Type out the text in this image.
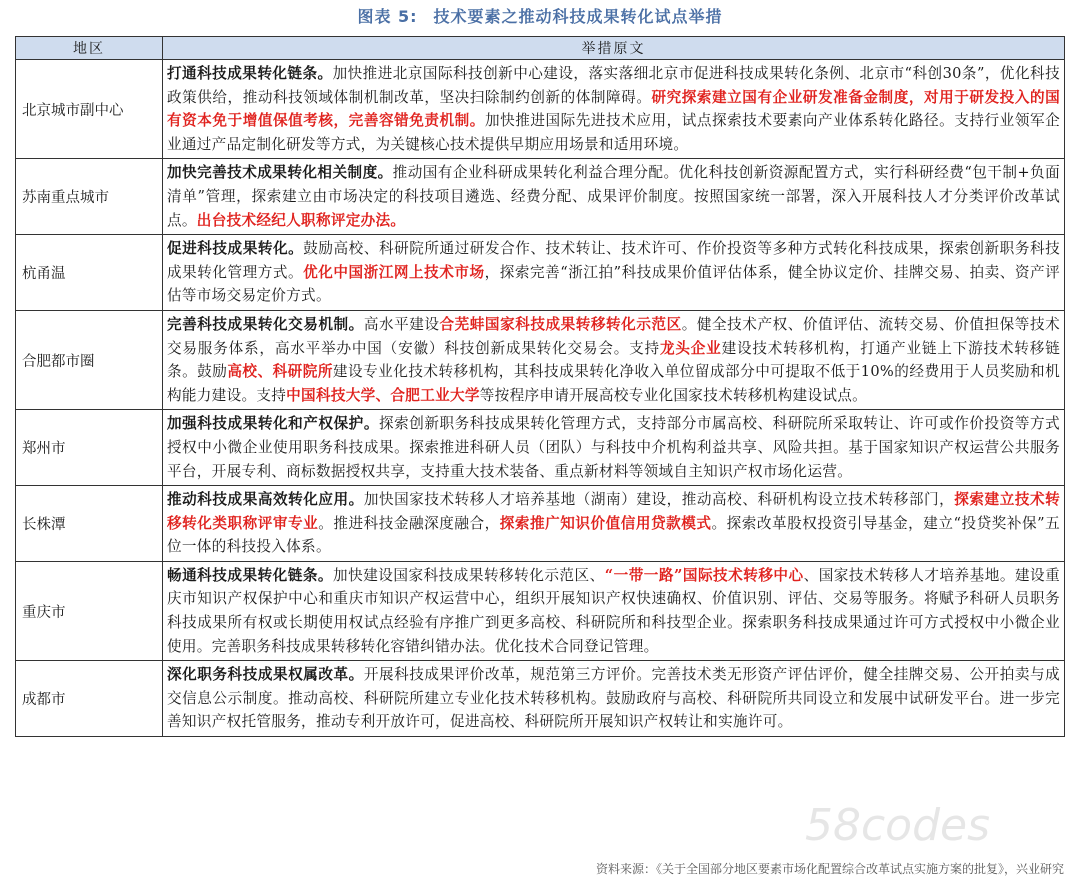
图表 5: 技术要素之推动科技成果转化试点举措
地区	举措原文
北京城市副中心	打通科技成果转化链条。加快推进北京国际科技创新中心建设，落实落细北京市促进科技成果转化条例、北京市“科创30条”，优化科技政策供给，推动科技领域体制机制改革，坚决扫除制约创新的体制障碍。研究探索建立国有企业研发准备金制度，对用于研发投入的国有资本免于增值保值考核，完善容错免责机制。加快推进国际先进技术应用，试点探索技术要素向产业体系转化路径。支持行业领军企业通过产品定制化研发等方式，为关键核心技术提供早期应用场景和适用环境。
苏南重点城市	加快完善技术成果转化相关制度。推动国有企业科研成果转化利益合理分配。优化科技创新资源配置方式，实行科研经费“包干制+负面清单”管理，探索建立由市场决定的科技项目遴选、经费分配、成果评价制度。按照国家统一部署，深入开展科技人才分类评价改革试点。出台技术经纪人职称评定办法。
杭甬温	促进科技成果转化。鼓励高校、科研院所通过研发合作、技术转让、技术许可、作价投资等多种方式转化科技成果，探索创新职务科技成果转化管理方式。优化中国浙江网上技术市场，探索完善“浙江拍”科技成果价值评估体系，健全协议定价、挂牌交易、拍卖、资产评估等市场交易定价方式。
合肥都市圈	完善科技成果转化交易机制。高水平建设合芜蚌国家科技成果转移转化示范区。健全技术产权、价值评估、流转交易、价值担保等技术交易服务体系，高水平举办中国（安徽）科技创新成果转化交易会。支持龙头企业建设技术转移机构，打通产业链上下游技术转移链条。鼓励高校、科研院所建设专业化技术转移机构，其科技成果转化净收入单位留成部分中可提取不低于10%的经费用于人员奖励和机构能力建设。支持中国科技大学、合肥工业大学等按程序申请开展高校专业化国家技术转移机构建设试点。
郑州市	加强科技成果转化和产权保护。探索创新职务科技成果转化管理方式，支持部分市属高校、科研院所采取转让、许可或作价投资等方式授权中小微企业使用职务科技成果。探索推进科研人员（团队）与科技中介机构利益共享、风险共担。基于国家知识产权运营公共服务平台，开展专利、商标数据授权共享，支持重大技术装备、重点新材料等领域自主知识产权市场化运营。
长株潭	推动科技成果高效转化应用。加快国家技术转移人才培养基地（湖南）建设，推动高校、科研机构设立技术转移部门，探索建立技术转移转化类职称评审专业。推进科技金融深度融合，探索推广知识价值信用贷款模式。探索改革股权投资引导基金，建立“投贷奖补保”五位一体的科技投入体系。
重庆市	畅通科技成果转化链条。加快建设国家科技成果转移转化示范区、“一带一路”国际技术转移中心、国家技术转移人才培养基地。建设重庆市知识产权保护中心和重庆市知识产权运营中心，组织开展知识产权快速确权、价值识别、评估、交易等服务。将赋予科研人员职务科技成果所有权或长期使用权试点经验有序推广到更多高校、科研院所和科技型企业。探索职务科技成果通过许可方式授权中小微企业使用。完善职务科技成果转移转化容错纠错办法。优化技术合同登记管理。
成都市	深化职务科技成果权属改革。开展科技成果评价改革，规范第三方评价。完善技术类无形资产评估评价，健全挂牌交易、公开拍卖与成交信息公示制度。推动高校、科研院所建立专业化技术转移机构。鼓励政府与高校、科研院所共同设立和发展中试研发平台。进一步完善知识产权托管服务，推动专利开放许可，促进高校、科研院所开展知识产权转让和实施许可。
58codes
资料来源：《关于全国部分地区要素市场化配置综合改革试点实施方案的批复》，兴业研究
